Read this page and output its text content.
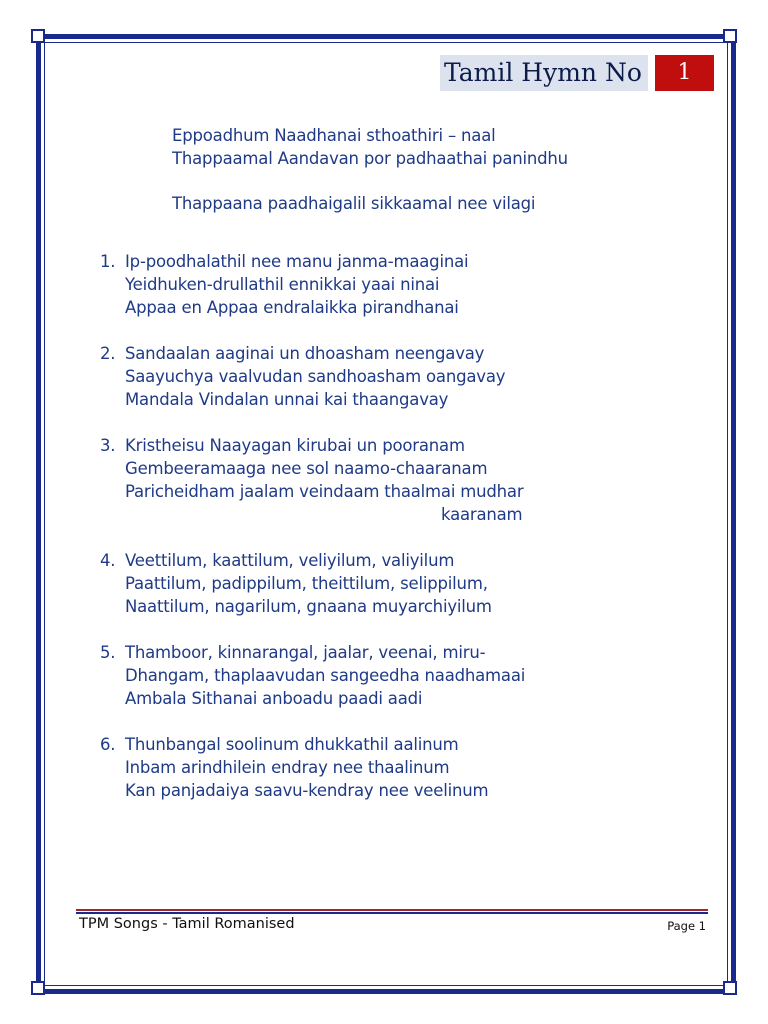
Tamil Hymn No	1
Eppoadhum Naadhanai sthoathiri – naal
Thappaamal Aandavan por padhaathai panindhu
Thappaana paadhaigalil sikkaamal nee vilagi
1. Ip-poodhalathil nee manu janma-maaginai
Yeidhuken-drullathil ennikkai yaai ninai
Appaa en Appaa endralaikka pirandhanai
2. Sandaalan aaginai un dhoasham neengavay
Saayuchya vaalvudan sandhoasham oangavay
Mandala Vindalan unnai kai thaangavay
3. Kristheisu Naayagan kirubai un pooranam
Gembeeramaaga nee sol naamo-chaaranam
Paricheidham jaalam veindaam thaalmai mudhar
kaaranam
4. Veettilum, kaattilum, veliyilum, valiyilum
Paattilum, padippilum, theittilum, selippilum,
Naattilum, nagarilum, gnaana muyarchiyilum
5. Thamboor, kinnarangal, jaalar, veenai, miru-
Dhangam, thaplaavudan sangeedha naadhamaai
Ambala Sithanai anboadu paadi aadi
6. Thunbangal soolinum dhukkathil aalinum
Inbam arindhilein endray nee thaalinum
Kan panjadaiya saavu-kendray nee veelinum
TPM Songs - Tamil Romanised	Page 1
